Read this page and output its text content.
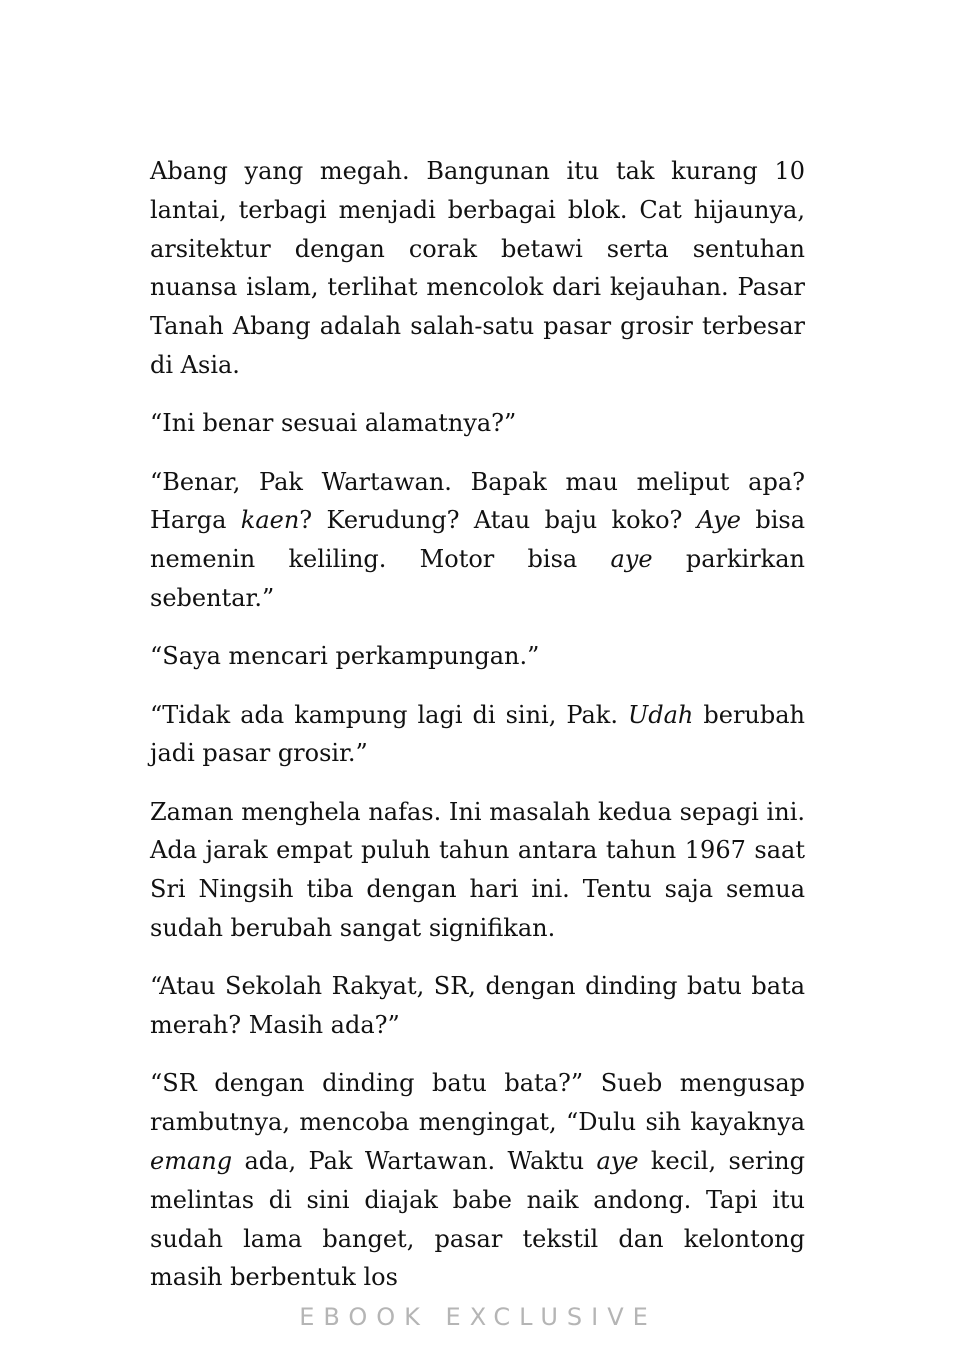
Abang yang megah. Bangunan itu tak kurang 10 lantai, terbagi menjadi berbagai blok. Cat hijaunya, arsitektur dengan corak betawi serta sentuhan nuansa islam, terlihat mencolok dari kejauhan. Pasar Tanah Abang adalah salah-satu pasar grosir terbesar di Asia.

“Ini benar sesuai alamatnya?”

“Benar, Pak Wartawan. Bapak mau meliput apa? Harga kaen? Kerudung? Atau baju koko? Aye bisa nemenin keliling. Motor bisa aye parkirkan sebentar.”

“Saya mencari perkampungan.”

“Tidak ada kampung lagi di sini, Pak. Udah berubah jadi pasar grosir.”

Zaman menghela nafas. Ini masalah kedua sepagi ini. Ada jarak empat puluh tahun antara tahun 1967 saat Sri Ningsih tiba dengan hari ini. Tentu saja semua sudah berubah sangat signifikan.

“Atau Sekolah Rakyat, SR, dengan dinding batu bata merah? Masih ada?”

“SR dengan dinding batu bata?” Sueb mengusap rambutnya, mencoba mengingat, “Dulu sih kayaknya emang ada, Pak Wartawan. Waktu aye kecil, sering melintas di sini diajak babe naik andong. Tapi itu sudah lama banget, pasar tekstil dan kelontong masih berbentuk los

EBOOK EXCLUSIVE
